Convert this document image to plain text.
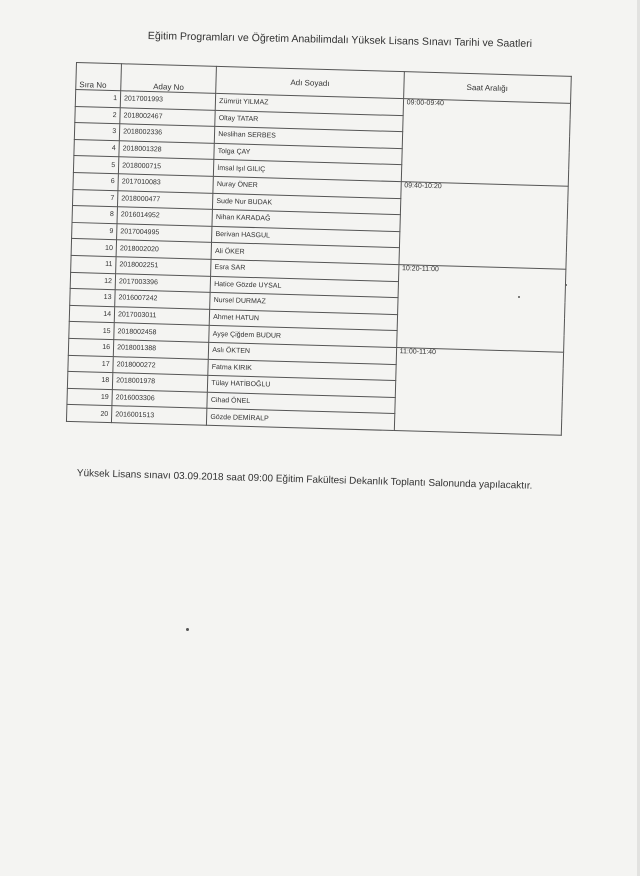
Eğitim Programları ve Öğretim Anabilimdalı Yüksek Lisans Sınavı Tarihi ve Saatleri
Sıra No	Aday No	Adı Soyadı	Saat Aralığı
1	2017001993	Zümrüt YILMAZ	09:00-09:40
2	2018002467	Oltay TATAR	
3	2018002336	Neslihan SERBES	
4	2018001328	Tolga ÇAY	
5	2018000715	İmsal Işıl GILIÇ	
6	2017010083	Nuray ÖNER	09:40-10:20
7	2018000477	Sude Nur BUDAK	
8	2016014952	Nihan KARADAĞ	
9	2017004995	Berivan HASGUL	
10	2018002020	Ali ÖKER	
11	2018002251	Esra SAR	10:20-11:00
12	2017003396	Hatice Gözde UYSAL	
13	2016007242	Nursel DURMAZ	
14	2017003011	Ahmet HATUN	
15	2018002458	Ayşe Çiğdem BUDUR	
16	2018001388	Aslı ÖKTEN	11:00-11:40
17	2018000272	Fatma KIRIK	
18	2018001978	Tülay HATİBOĞLU	
19	2016003306	Cihad ÖNEL	
20	2016001513	Gözde DEMİRALP	
Yüksek Lisans sınavı 03.09.2018 saat 09:00 Eğitim Fakültesi Dekanlık Toplantı Salonunda yapılacaktır.
